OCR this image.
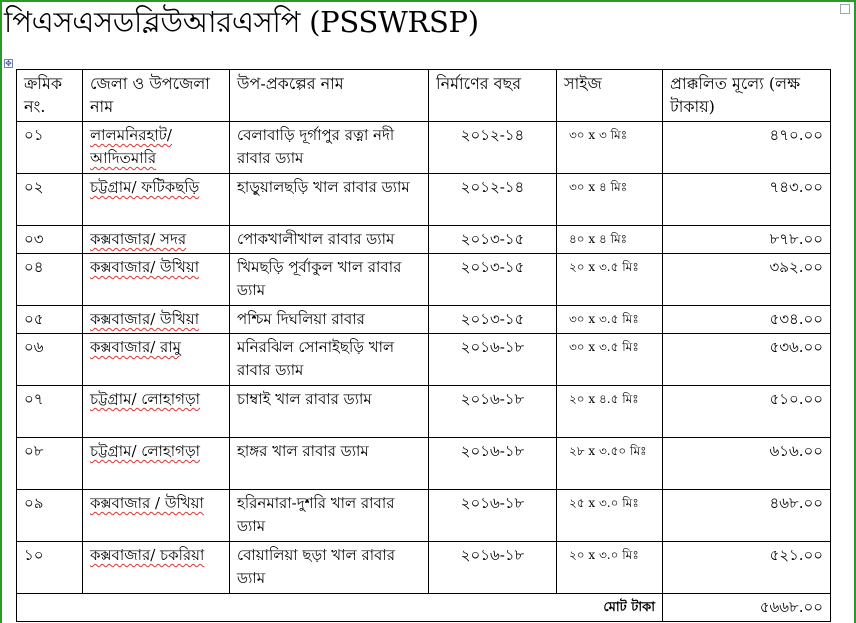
পিএসএসডব্লিউআরএসপি (PSSWRSP)
✥
ক্রমিক নং.	জেলা ও উপজেলা নাম	উপ-প্রকল্পের নাম	নির্মাণের বছর	সাইজ	প্রাক্কলিত মূল্যে (লক্ষ টাকায়)
০১	লালমনিরহাট/ আদিতমারি	বেলাবাড়ি দূর্গাপুর রত্না নদী রাবার ড্যাম	২০১২-১৪	৩০ x ৩ মিঃ	৪৭০.০০
০২	চট্টগ্রাম/ ফটিকছড়ি	হাড়ুয়ালছড়ি খাল রাবার ড্যাম	২০১২-১৪	৩০ x ৪ মিঃ	৭৪৩.০০
০৩	কক্সবাজার/ সদর	পোকখালীখাল রাবার ড্যাম	২০১৩-১৫	৪০ x ৪ মিঃ	৮৭৮.০০
০৪	কক্সবাজার/ উখিয়া	খিমছড়ি পূর্বাকুল খাল রাবার ড্যাম	২০১৩-১৫	২০ x ৩.৫ মিঃ	৩৯২.০০
০৫	কক্সবাজার/ উখিয়া	পশ্চিম দিঘলিয়া রাবার	২০১৩-১৫	৩০ x ৩.৫ মিঃ	৫৩৪.০০
০৬	কক্সবাজার/ রামু	মনিরঝিল সোনাইছড়ি খাল রাবার ড্যাম	২০১৬-১৮	৩০ x ৩.৫ মিঃ	৫৩৬.০০
০৭	চট্টগ্রাম/ লোহাগড়া	চাম্বাই খাল রাবার ড্যাম	২০১৬-১৮	২০ x ৪.৫ মিঃ	৫১০.০০
০৮	চট্টগ্রাম/ লোহাগড়া	হাঙ্গর খাল রাবার ড্যাম	২০১৬-১৮	২৮ x ৩.৫০ মিঃ	৬১৬.০০
০৯	কক্সবাজার / উখিয়া	হরিনমারা-দুশরি খাল রাবার ড্যাম	২০১৬-১৮	২৫ x ৩.০ মিঃ	৪৬৮.০০
১০	কক্সবাজার/ চকরিয়া	বোয়ালিয়া ছড়া খাল রাবার ড্যাম	২০১৬-১৮	২০ x ৩.০ মিঃ	৫২১.০০
মোট টাকা					৫৬৬৮.০০
